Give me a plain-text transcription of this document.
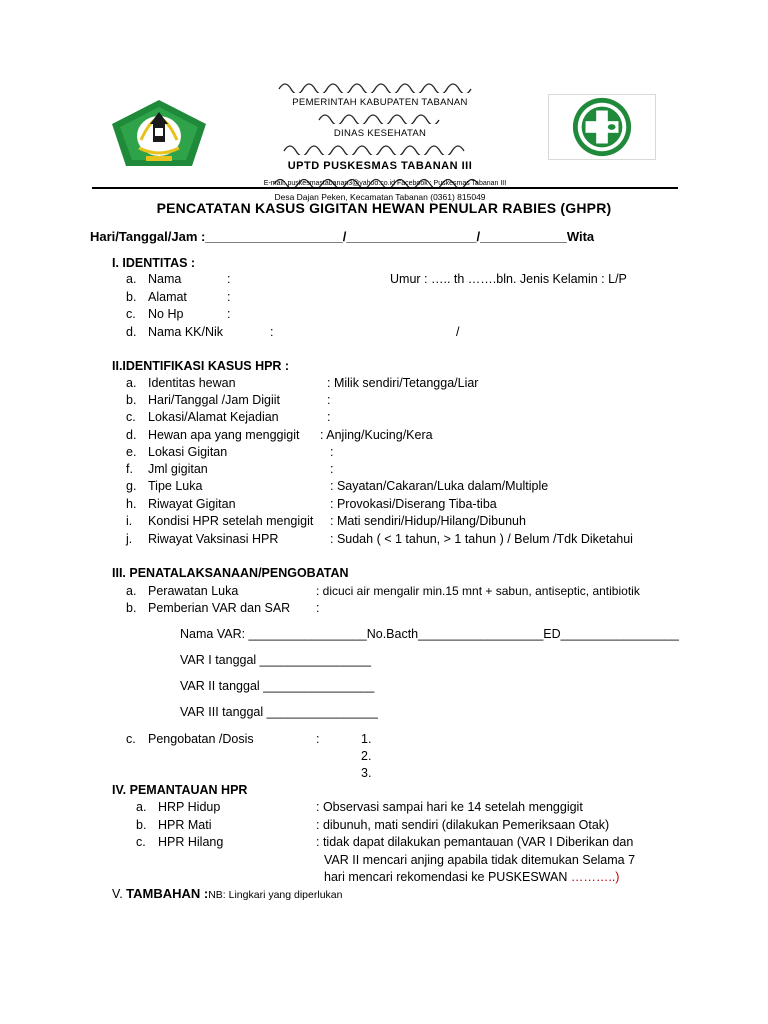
PEMERINTAH KABUPATEN TABANAN
DINAS KESEHATAN
UPTD PUSKESMAS TABANAN III
Desa Dajan Peken, Kecamatan Tabanan (0361) 815049
E-mail: puskesmastabanan3@yahoo.co.id Facebook : Puskesmas Tabanan III
PENCATATAN KASUS GIGITAN HEWAN PENULAR RABIES (GHPR)
Hari/Tanggal/Jam :___________________/__________________/____________Wita
I. IDENTITAS :
a. Nama	:	Umur : ….. th …….bln. Jenis Kelamin : L/P
b. Alamat	:
c. No Hp	:
d. Nama KK/Nik	:	/
II.IDENTIFIKASI KASUS HPR :
a. Identitas hewan	: Milik sendiri/Tetangga/Liar
b. Hari/Tanggal /Jam Digiit	:
c. Lokasi/Alamat Kejadian	:
d. Hewan apa yang menggigit : Anjing/Kucing/Kera
e. Lokasi Gigitan	:
f. Jml gigitan	:
g. Tipe Luka	: Sayatan/Cakaran/Luka dalam/Multiple
h. Riwayat Gigitan	: Provokasi/Diserang Tiba-tiba
i. Kondisi HPR setelah mengigit : Mati sendiri/Hidup/Hilang/Dibunuh
j. Riwayat Vaksinasi HPR	: Sudah ( < 1 tahun, > 1 tahun ) / Belum /Tdk Diketahui
III. PENATALAKSANAAN/PENGOBATAN
a. Perawatan Luka	: dicuci air mengalir min.15 mnt + sabun, antiseptic, antibiotik
b. Pemberian VAR dan SAR :
Nama VAR: _________________No.Bacth__________________ED_________________
VAR I tanggal ________________
VAR II tanggal ________________
VAR III tanggal ________________
c. Pengobatan /Dosis	:	1.
2.
3.
IV. PEMANTAUAN HPR
a. HRP Hidup	: Observasi sampai hari ke 14 setelah menggigit
b. HPR Mati	: dibunuh, mati sendiri (dilakukan Pemeriksaan Otak)
c. HPR Hilang	: tidak dapat dilakukan pemantauan (VAR I Diberikan dan
VAR II mencari anjing apabila tidak ditemukan Selama 7
hari mencari rekomendasi ke PUSKESWAN ………..)
V. TAMBAHAN :NB: Lingkari yang diperlukan
